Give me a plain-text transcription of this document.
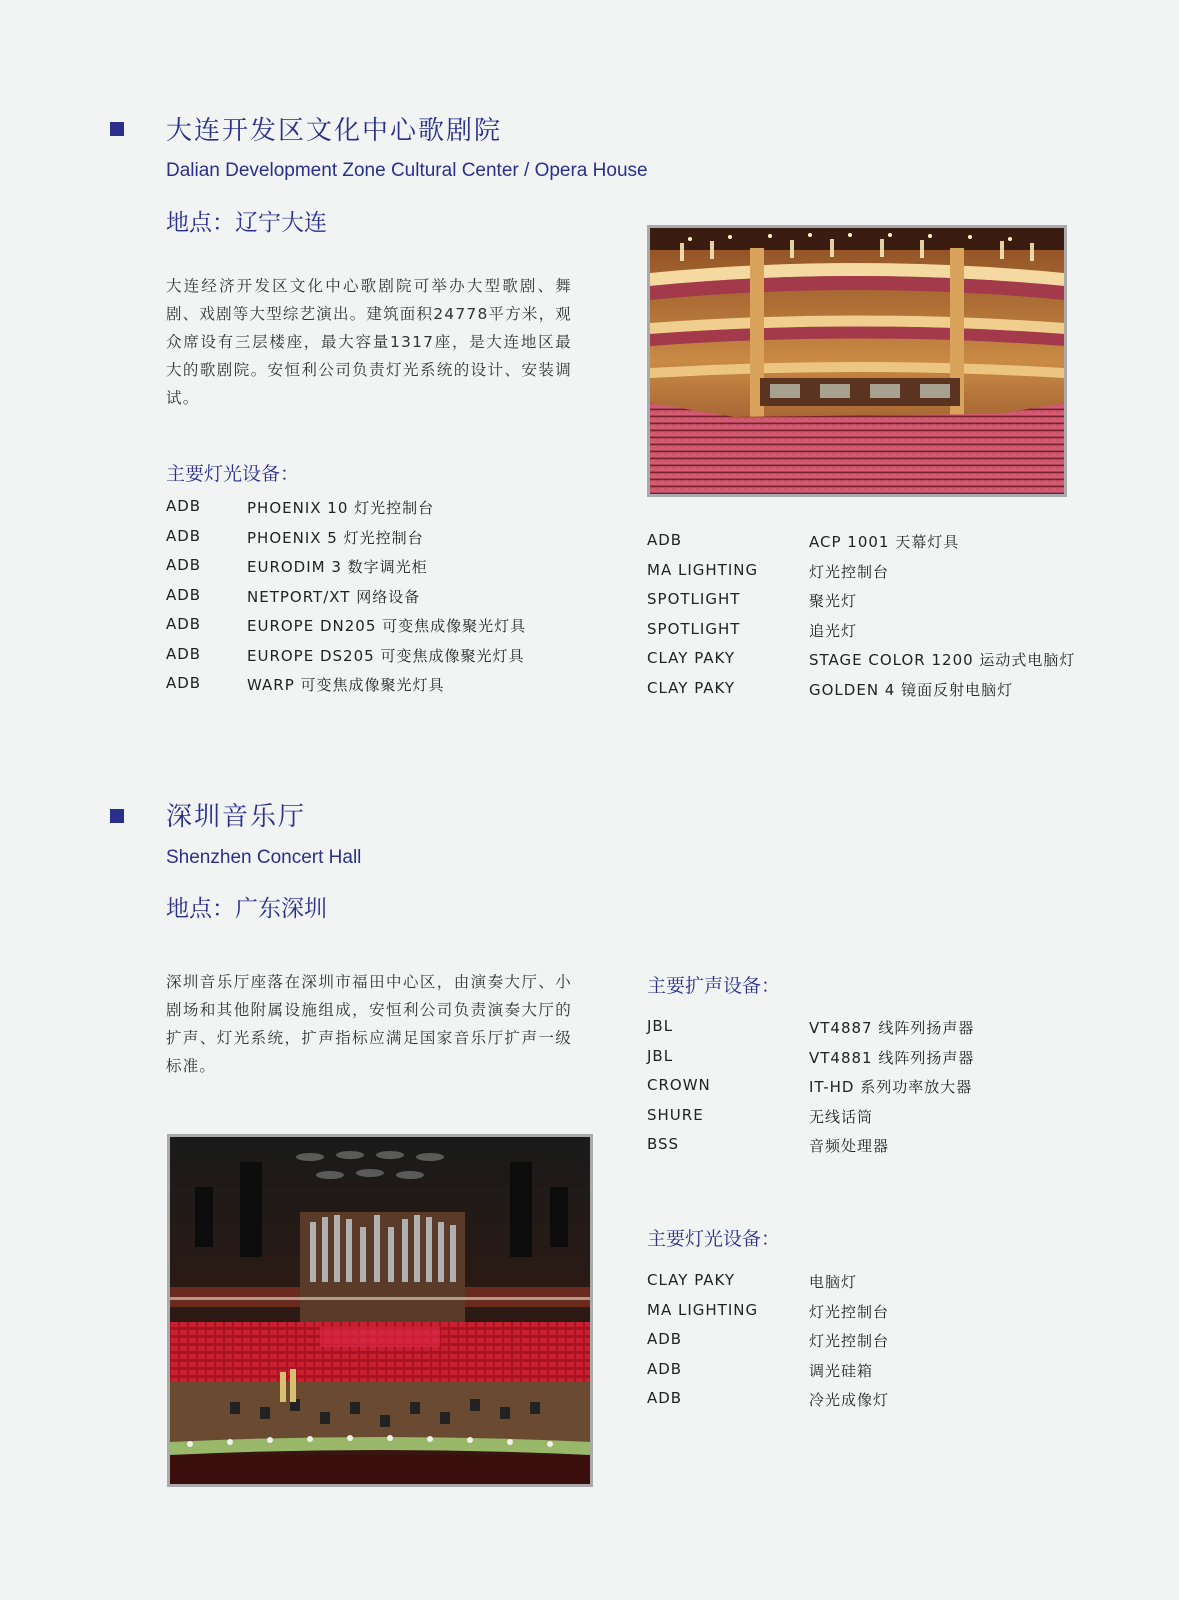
大连开发区文化中心歌剧院
Dalian Development Zone Cultural Center / Opera House
地点：辽宁大连
大连经济开发区文化中心歌剧院可举办大型歌剧、舞剧、戏剧等大型综艺演出。建筑面积24778平方米，观众席设有三层楼座，最大容量1317座，是大连地区最大的歌剧院。安恒利公司负责灯光系统的设计、安装调试。
主要灯光设备：
ADB	PHOENIX 10 灯光控制台
ADB	PHOENIX 5 灯光控制台
ADB	EURODIM 3 数字调光柜
ADB	NETPORT/XT 网络设备
ADB	EUROPE DN205 可变焦成像聚光灯具
ADB	EUROPE DS205 可变焦成像聚光灯具
ADB	WARP 可变焦成像聚光灯具
ADB	ACP 1001 天幕灯具
MA LIGHTING	灯光控制台
SPOTLIGHT	聚光灯
SPOTLIGHT	追光灯
CLAY PAKY	STAGE COLOR 1200 运动式电脑灯
CLAY PAKY	GOLDEN 4 镜面反射电脑灯
深圳音乐厅
Shenzhen Concert Hall
地点：广东深圳
深圳音乐厅座落在深圳市福田中心区，由演奏大厅、小剧场和其他附属设施组成，安恒利公司负责演奏大厅的扩声、灯光系统，扩声指标应满足国家音乐厅扩声一级标准。
主要扩声设备：
JBL	VT4887 线阵列扬声器
JBL	VT4881 线阵列扬声器
CROWN	IT-HD 系列功率放大器
SHURE	无线话筒
BSS	音频处理器
主要灯光设备：
CLAY PAKY	电脑灯
MA LIGHTING	灯光控制台
ADB	灯光控制台
ADB	调光硅箱
ADB	冷光成像灯
